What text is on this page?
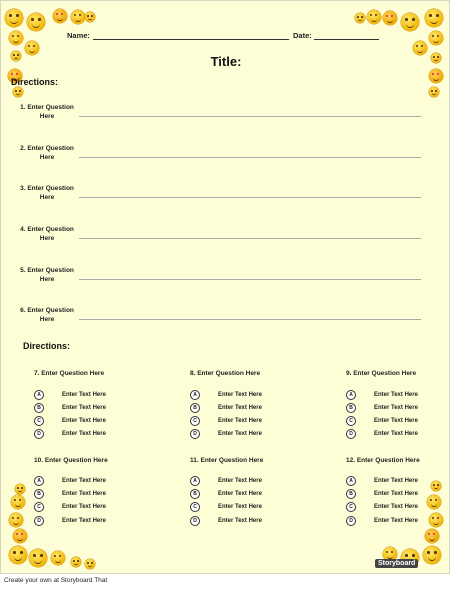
Name:	Date:
Title:
Directions:
1. Enter Question
Here
2. Enter Question
Here
3. Enter Question
Here
4. Enter Question
Here
5. Enter Question
Here
6. Enter Question
Here
Directions:
7. Enter Question Here
A	Enter Text Here
B	Enter Text Here
C	Enter Text Here
D	Enter Text Here
8. Enter Question Here
A	Enter Text Here
B	Enter Text Here
C	Enter Text Here
D	Enter Text Here
9. Enter Question Here
A	Enter Text Here
B	Enter Text Here
C	Enter Text Here
D	Enter Text Here
10. Enter Question Here
A	Enter Text Here
B	Enter Text Here
C	Enter Text Here
D	Enter Text Here
11. Enter Question Here
A	Enter Text Here
B	Enter Text Here
C	Enter Text Here
D	Enter Text Here
12. Enter Question Here
A	Enter Text Here
B	Enter Text Here
C	Enter Text Here
D	Enter Text Here
Storyboard
Create your own at Storyboard That
